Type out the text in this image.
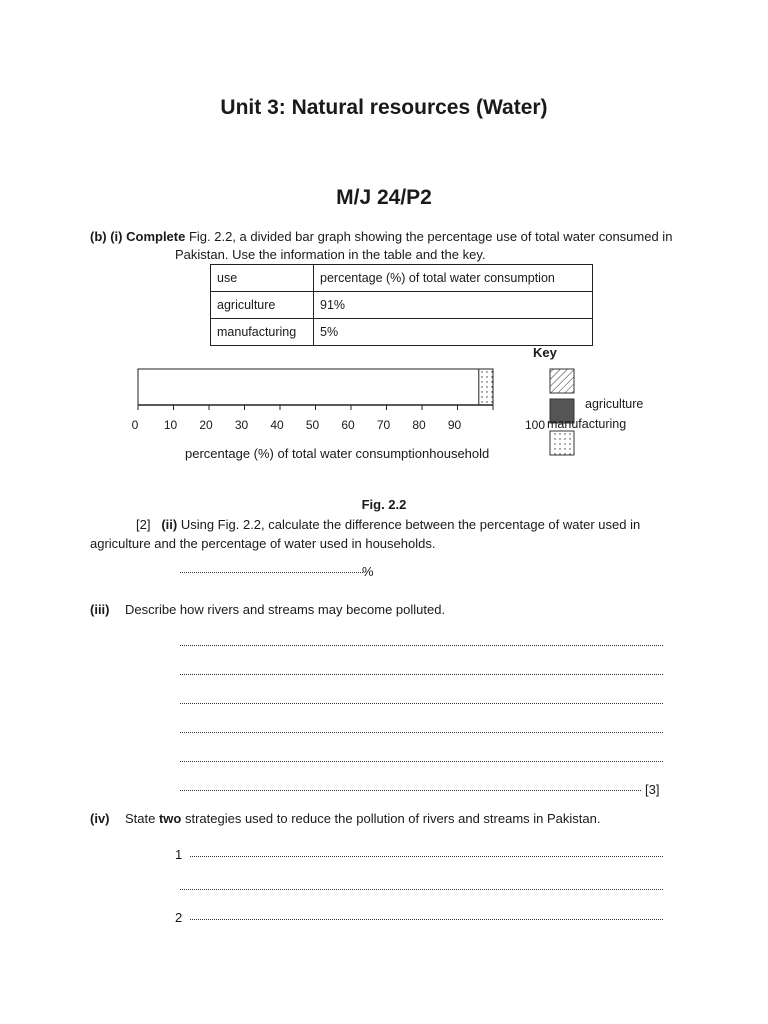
Unit 3: Natural resources (Water)
M/J 24/P2
(b) (i) Complete Fig. 2.2, a divided bar graph showing the percentage use of total water consumed in
Pakistan. Use the information in the table and the key.
use	percentage (%) of total water consumption
agriculture	91%
manufacturing	5%
Key
0	10	20	30	40	50	60	70	80	90	100
percentage (%) of total water consumptionhousehold
agriculture
manufacturing
Fig. 2.2
[2] (ii) Using Fig. 2.2, calculate the difference between the percentage of water used in
agriculture and the percentage of water used in households.
%
(iii) Describe how rivers and streams may become polluted.
[3]
(iv) State two strategies used to reduce the pollution of rivers and streams in Pakistan.
1
2
